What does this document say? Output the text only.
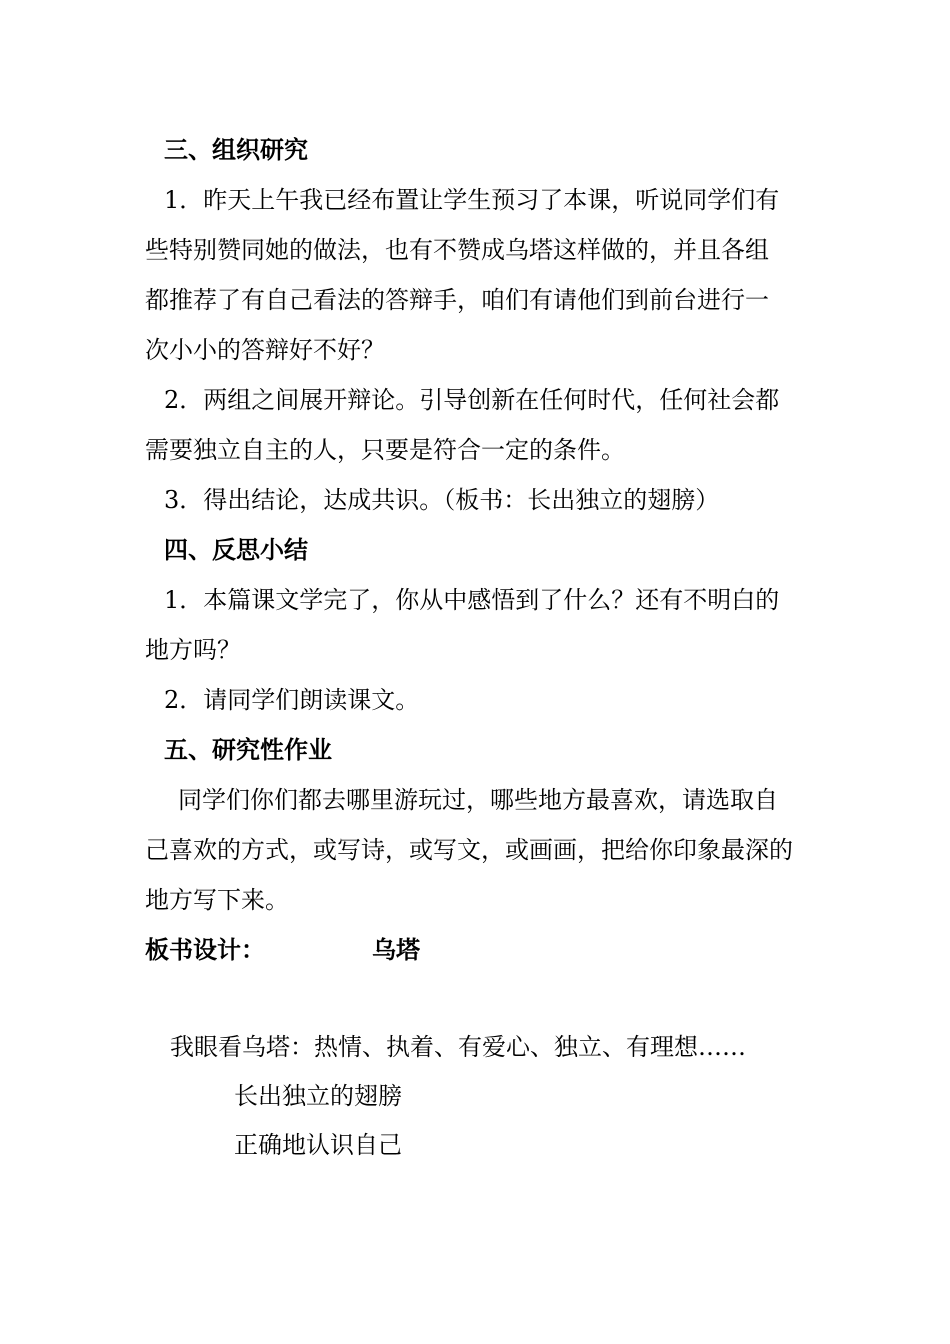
三、组织研究
1．昨天上午我已经布置让学生预习了本课，听说同学们有
些特别赞同她的做法，也有不赞成乌塔这样做的，并且各组
都推荐了有自己看法的答辩手，咱们有请他们到前台进行一
次小小的答辩好不好？
2．两组之间展开辩论。引导创新在任何时代，任何社会都
需要独立自主的人，只要是符合一定的条件。
3．得出结论，达成共识。（板书：长出独立的翅膀）
四、反思小结
1．本篇课文学完了，你从中感悟到了什么？还有不明白的
地方吗？
2．请同学们朗读课文。
五、研究性作业
同学们你们都去哪里游玩过，哪些地方最喜欢，请选取自
己喜欢的方式，或写诗，或写文，或画画，把给你印象最深的
地方写下来。
板书设计：	乌塔
我眼看乌塔：热情、执着、有爱心、独立、有理想……
长出独立的翅膀
正确地认识自己
